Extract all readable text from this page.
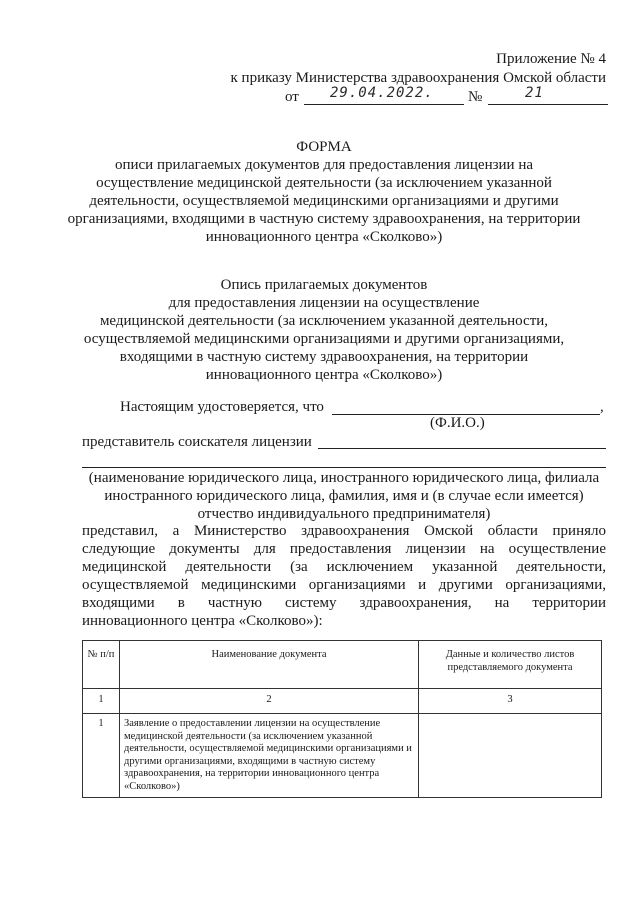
Приложение № 4
к приказу Министерства здравоохранения Омской области
от 29.04.2022. №	21
ФОРМА
описи прилагаемых документов для предоставления лицензии на
осуществление медицинской деятельности (за исключением указанной
деятельности, осуществляемой медицинскими организациями и другими
организациями, входящими в частную систему здравоохранения, на территории
инновационного центра «Сколково»)
Опись прилагаемых документов
для предоставления лицензии на осуществление
медицинской деятельности (за исключением указанной деятельности,
осуществляемой медицинскими организациями и другими организациями,
входящими в частную систему здравоохранения, на территории
инновационного центра «Сколково»)
Настоящим удостоверяется, что	,
(Ф.И.О.)
представитель соискателя лицензии
(наименование юридического лица, иностранного юридического лица, филиала
иностранного юридического лица, фамилия, имя и (в случае если имеется)
отчество индивидуального предпринимателя)
представил, а Министерство здравоохранения Омской области приняло
следующие документы для предоставления лицензии на осуществление
медицинской деятельности (за исключением указанной деятельности,
осуществляемой медицинскими организациями и другими организациями,
входящими в частную систему здравоохранения, на территории
инновационного центра «Сколково»):
№ п/п	Наименование документа	Данные и количество листов представляемого документа
1	2	3
1	Заявление о предоставлении лицензии на осуществление медицинской деятельности (за исключением указанной деятельности, осуществляемой медицинскими организациями и другими организациями, входящими в частную систему здравоохранения, на территории инновационного центра «Сколково»)	
